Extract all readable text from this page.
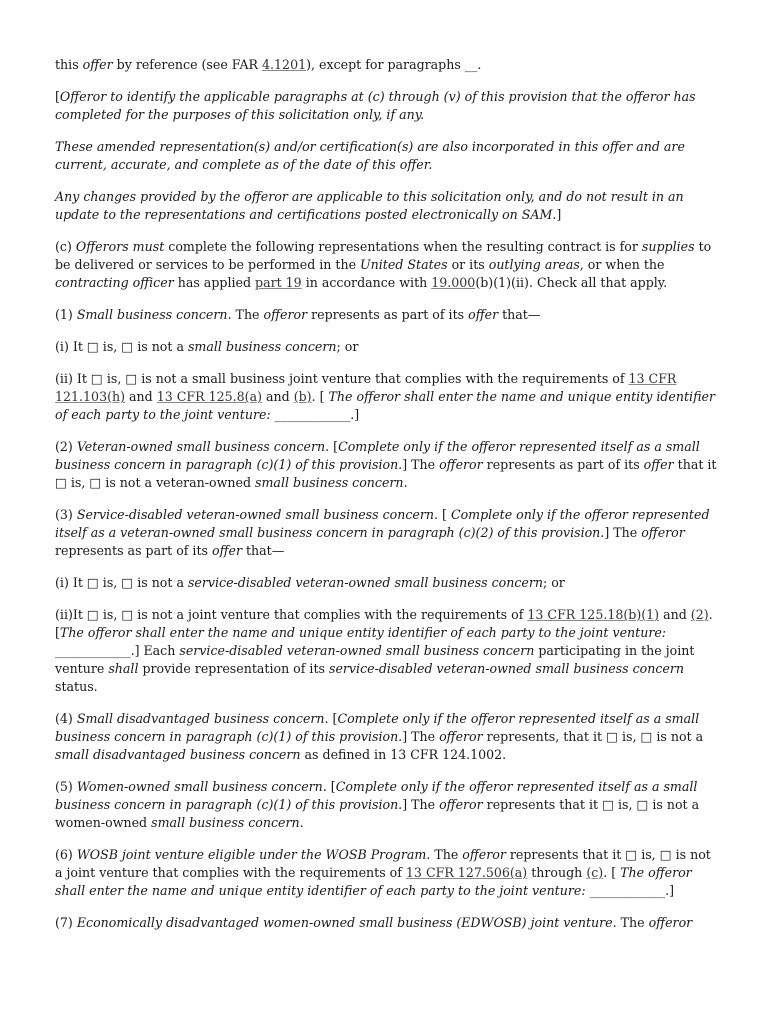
this offer by reference (see FAR 4.1201), except for paragraphs __.

[Offeror to identify the applicable paragraphs at (c) through (v) of this provision that the offeror has completed for the purposes of this solicitation only, if any.

These amended representation(s) and/or certification(s) are also incorporated in this offer and are current, accurate, and complete as of the date of this offer.

Any changes provided by the offeror are applicable to this solicitation only, and do not result in an update to the representations and certifications posted electronically on SAM.]

(c) Offerors must complete the following representations when the resulting contract is for supplies to be delivered or services to be performed in the United States or its outlying areas, or when the contracting officer has applied part 19 in accordance with 19.000(b)(1)(ii). Check all that apply.

(1) Small business concern. The offeror represents as part of its offer that—

(i) It □ is, □ is not a small business concern; or

(ii) It □ is, □ is not a small business joint venture that complies with the requirements of 13 CFR 121.103(h) and 13 CFR 125.8(a) and (b). [ The offeror shall enter the name and unique entity identifier of each party to the joint venture: ____________.]

(2) Veteran-owned small business concern. [Complete only if the offeror represented itself as a small business concern in paragraph (c)(1) of this provision.] The offeror represents as part of its offer that it □ is, □ is not a veteran-owned small business concern.

(3) Service-disabled veteran-owned small business concern. [ Complete only if the offeror represented itself as a veteran-owned small business concern in paragraph (c)(2) of this provision.] The offeror represents as part of its offer that—

(i) It □ is, □ is not a service-disabled veteran-owned small business concern; or

(ii)It □ is, □ is not a joint venture that complies with the requirements of 13 CFR 125.18(b)(1) and (2). [The offeror shall enter the name and unique entity identifier of each party to the joint venture: ____________.] Each service-disabled veteran-owned small business concern participating in the joint venture shall provide representation of its service-disabled veteran-owned small business concern status.

(4) Small disadvantaged business concern. [Complete only if the offeror represented itself as a small business concern in paragraph (c)(1) of this provision.] The offeror represents, that it □ is, □ is not a small disadvantaged business concern as defined in 13 CFR 124.1002.

(5) Women-owned small business concern. [Complete only if the offeror represented itself as a small business concern in paragraph (c)(1) of this provision.] The offeror represents that it □ is, □ is not a women-owned small business concern.

(6) WOSB joint venture eligible under the WOSB Program. The offeror represents that it □ is, □ is not a joint venture that complies with the requirements of 13 CFR 127.506(a) through (c). [ The offeror shall enter the name and unique entity identifier of each party to the joint venture: ____________.]

(7) Economically disadvantaged women-owned small business (EDWOSB) joint venture. The offeror
